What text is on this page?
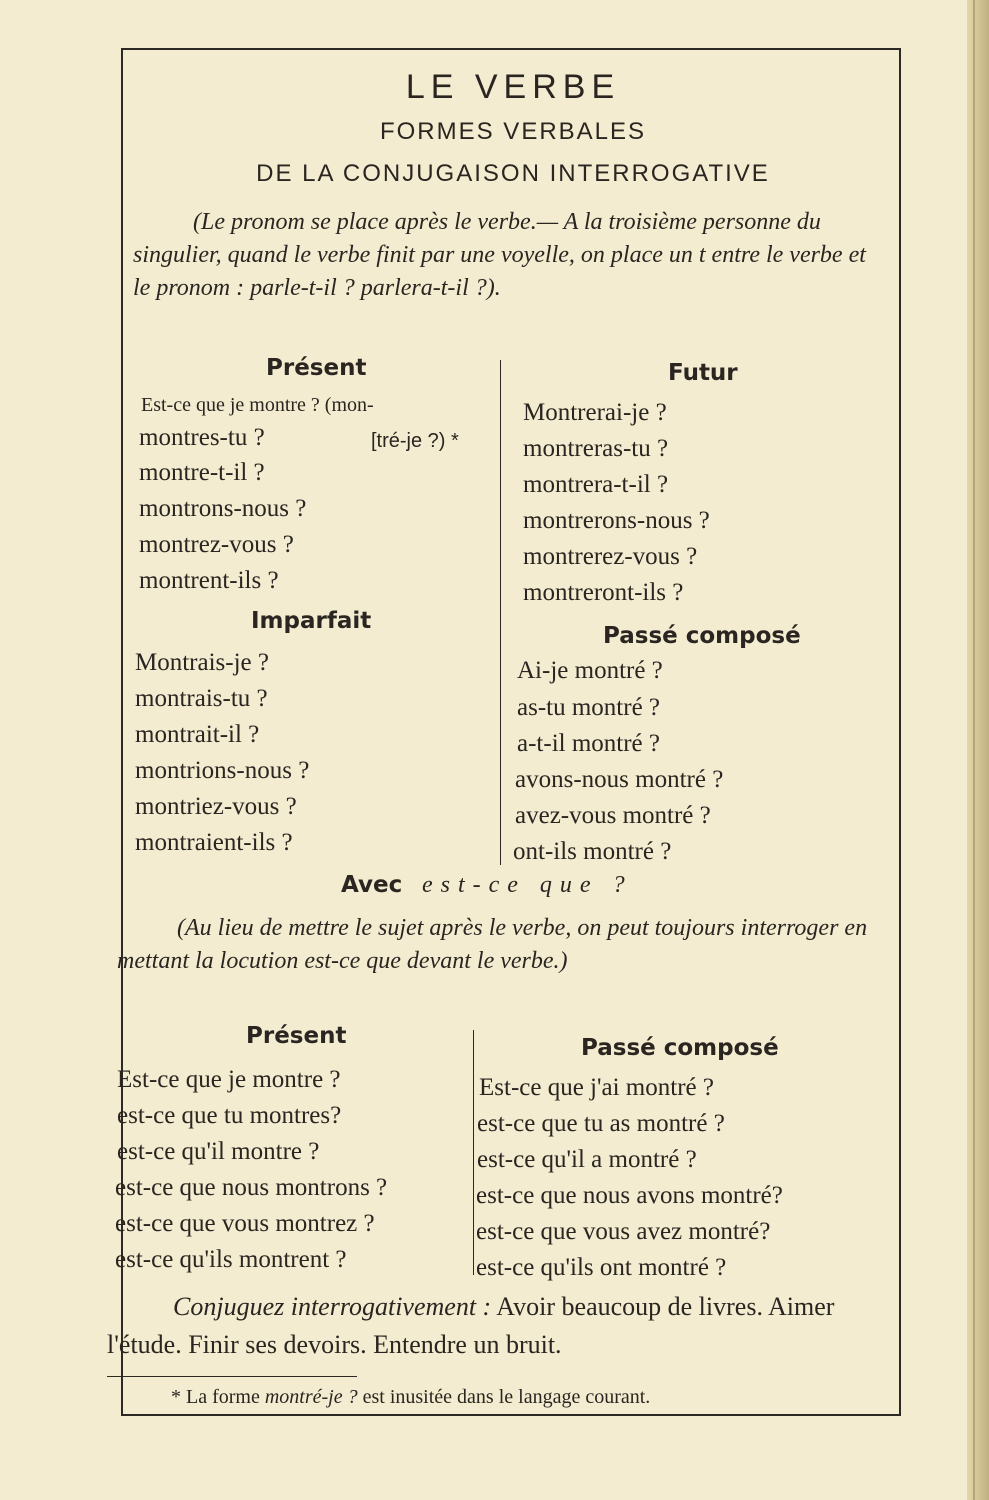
LE VERBE
FORMES VERBALES
DE LA CONJUGAISON INTERROGATIVE
(Le pronom se place après le verbe.— A la troisième personne du singulier, quand le verbe finit par une voyelle, on place un t entre le verbe et le pronom : parle-t-il ? parlera-t-il ?).
Présent
Est-ce que je montre ? (mon-
montres-tu ?	[tré-je ?) *
montre-t-il ?
montrons-nous ?
montrez-vous ?
montrent-ils ?
Futur
Montrerai-je ?
montreras-tu ?
montrera-t-il ?
montrerons-nous ?
montrerez-vous ?
montreront-ils ?
Imparfait
Montrais-je ?
montrais-tu ?
montrait-il ?
montrions-nous ?
montriez-vous ?
montraient-ils ?
Passé composé
Ai-je montré ?
as-tu montré ?
a-t-il montré ?
avons-nous montré ?
avez-vous montré ?
ont-ils montré ?
Avec est-ce que ?
(Au lieu de mettre le sujet après le verbe, on peut toujours interroger en mettant la locution est-ce que devant le verbe.)
Présent
Est-ce que je montre ?
est-ce que tu montres?
est-ce qu'il montre ?
est-ce que nous montrons ?
est-ce que vous montrez ?
est-ce qu'ils montrent ?
Passé composé
Est-ce que j'ai montré ?
est-ce que tu as montré ?
est-ce qu'il a montré ?
est-ce que nous avons montré?
est-ce que vous avez montré?
est-ce qu'ils ont montré ?
Conjuguez interrogativement : Avoir beaucoup de livres. Aimer l'étude. Finir ses devoirs. Entendre un bruit.
* La forme montré-je ? est inusitée dans le langage courant.
